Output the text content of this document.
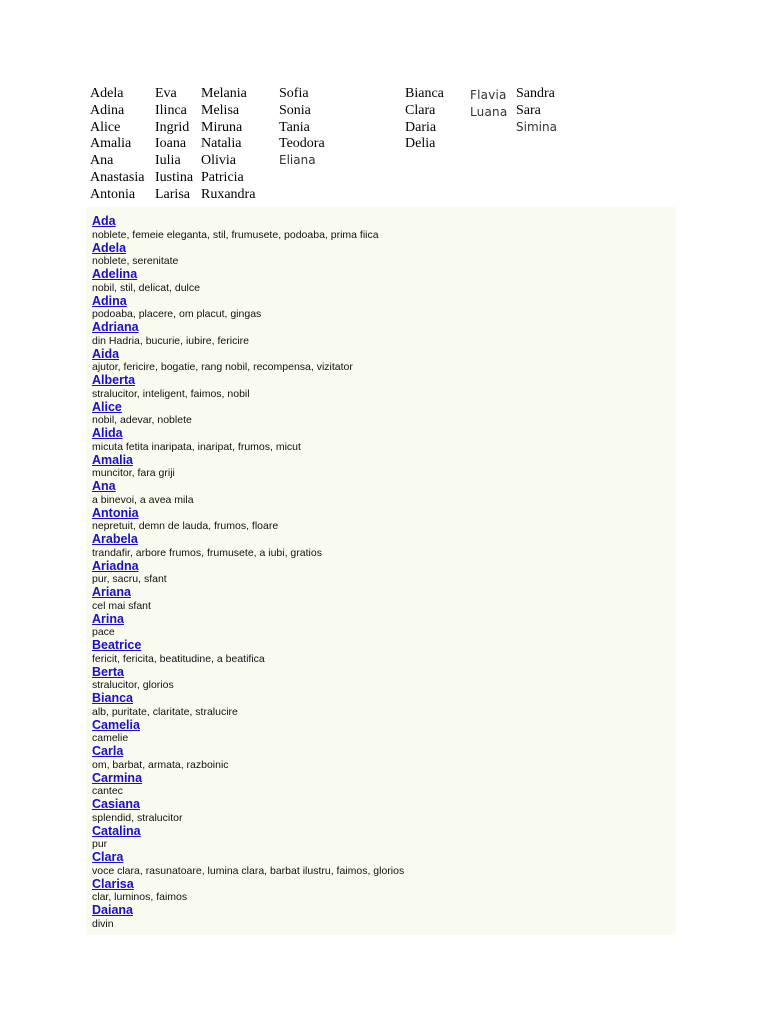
Adela
Adina
Alice
Amalia
Ana
Anastasia
Antonia
Eva
Ilinca
Ingrid
Ioana
Iulia
Iustina
Larisa
Melania
Melisa
Miruna
Natalia
Olivia
Patricia
Ruxandra
Sofia
Sonia
Tania
Teodora
Bianca
Clara
Daria
Delia
Flavia
Luana
Sandra
Sara
Eliana
Simina
Ada
noblete, femeie eleganta, stil, frumusete, podoaba, prima fiica
Adela
noblete, serenitate
Adelina
nobil, stil, delicat, dulce
Adina
podoaba, placere, om placut, gingas
Adriana
din Hadria, bucurie, iubire, fericire
Aida
ajutor, fericire, bogatie, rang nobil, recompensa, vizitator
Alberta
stralucitor, inteligent, faimos, nobil
Alice
nobil, adevar, noblete
Alida
micuta fetita inaripata, inaripat, frumos, micut
Amalia
muncitor, fara griji
Ana
a binevoi, a avea mila
Antonia
nepretuit, demn de lauda, frumos, floare
Arabela
trandafir, arbore frumos, frumusete, a iubi, gratios
Ariadna
pur, sacru, sfant
Ariana
cel mai sfant
Arina
pace
Beatrice
fericit, fericita, beatitudine, a beatifica
Berta
stralucitor, glorios
Bianca
alb, puritate, claritate, stralucire
Camelia
camelie
Carla
om, barbat, armata, razboinic
Carmina
cantec
Casiana
splendid, stralucitor
Catalina
pur
Clara
voce clara, rasunatoare, lumina clara, barbat ilustru, faimos, glorios
Clarisa
clar, luminos, faimos
Daiana
divin
